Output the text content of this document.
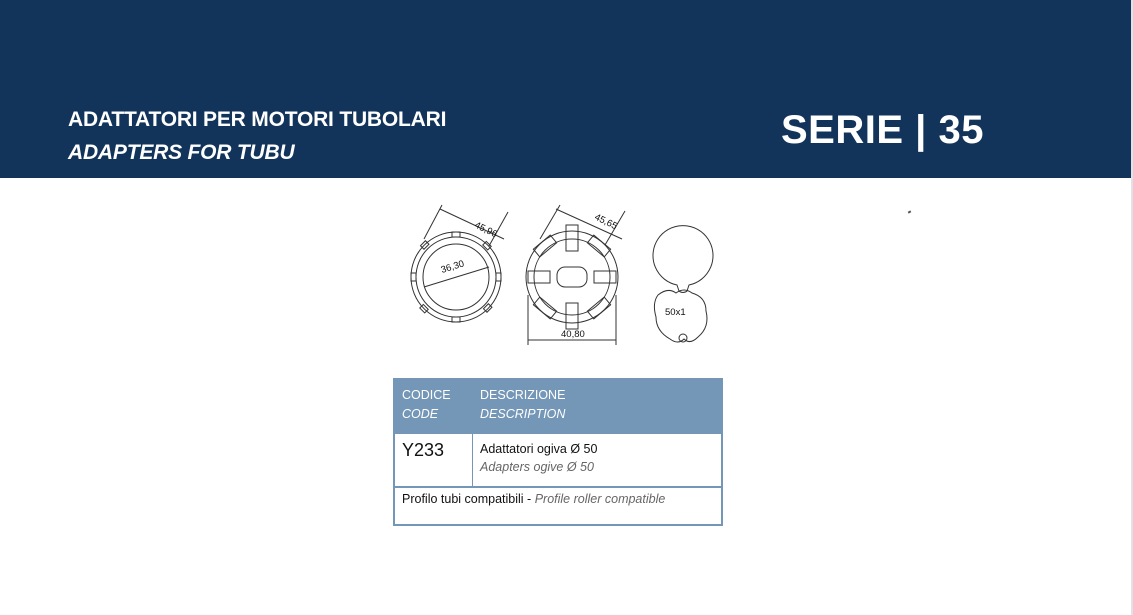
ADATTATORI PER MOTORI TUBOLARI
ADAPTERS FOR TUBU
SERIE | 35
45,96
36,30
45,65
40,80
50x1
CODICE
CODE
DESCRIZIONE
DESCRIPTION
Y233	Adattatori ogiva Ø 50
Adapters ogive Ø 50
Profilo tubi compatibili - Profile roller compatible
